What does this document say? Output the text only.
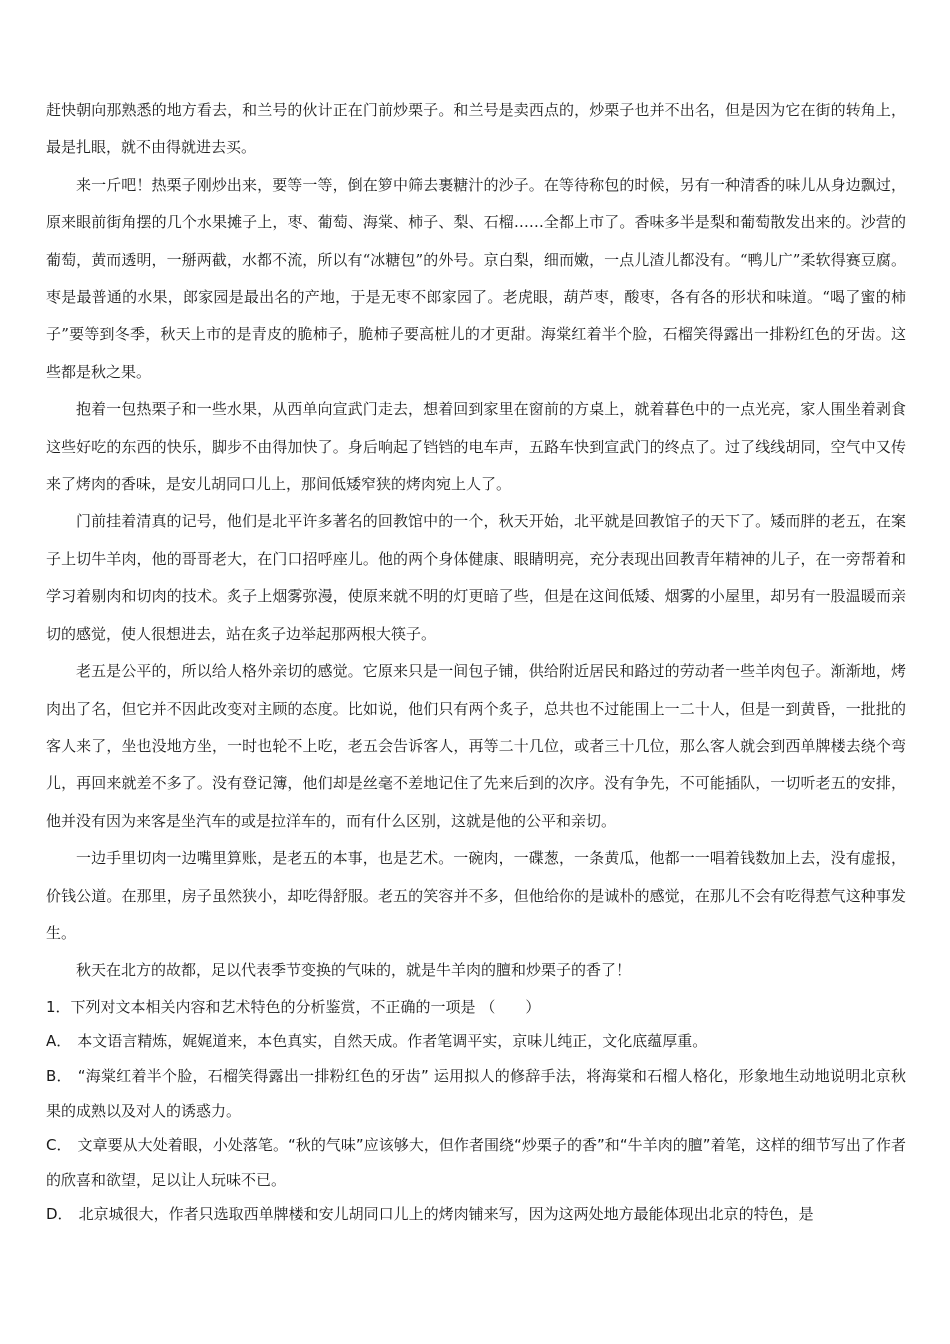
赶快朝向那熟悉的地方看去，和兰号的伙计正在门前炒栗子。和兰号是卖西点的，炒栗子也并不出名，但是因为它在街的转角上，最是扎眼，就不由得就进去买。

来一斤吧！热栗子刚炒出来，要等一等，倒在箩中筛去裹糖汁的沙子。在等待称包的时候，另有一种清香的味儿从身边飘过，原来眼前街角摆的几个水果摊子上，枣、葡萄、海棠、柿子、梨、石榴……全都上市了。香味多半是梨和葡萄散发出来的。沙营的葡萄，黄而透明，一掰两截，水都不流，所以有“冰糖包”的外号。京白梨，细而嫩，一点儿渣儿都没有。“鸭儿广”柔软得赛豆腐。枣是最普通的水果，郎家园是最出名的产地，于是无枣不郎家园了。老虎眼，葫芦枣，酸枣，各有各的形状和味道。“喝了蜜的柿子”要等到冬季，秋天上市的是青皮的脆柿子，脆柿子要高桩儿的才更甜。海棠红着半个脸，石榴笑得露出一排粉红色的牙齿。这些都是秋之果。

抱着一包热栗子和一些水果，从西单向宣武门走去，想着回到家里在窗前的方桌上，就着暮色中的一点光亮，家人围坐着剥食这些好吃的东西的快乐，脚步不由得加快了。身后响起了铛铛的电车声，五路车快到宣武门的终点了。过了线线胡同，空气中又传来了烤肉的香味，是安儿胡同口儿上，那间低矮窄狭的烤肉宛上人了。

门前挂着清真的记号，他们是北平许多著名的回教馆中的一个，秋天开始，北平就是回教馆子的天下了。矮而胖的老五，在案子上切牛羊肉，他的哥哥老大，在门口招呼座儿。他的两个身体健康、眼睛明亮，充分表现出回教青年精神的儿子，在一旁帮着和学习着剔肉和切肉的技术。炙子上烟雾弥漫，使原来就不明的灯更暗了些，但是在这间低矮、烟雾的小屋里，却另有一股温暖而亲切的感觉，使人很想进去，站在炙子边举起那两根大筷子。

老五是公平的，所以给人格外亲切的感觉。它原来只是一间包子铺，供给附近居民和路过的劳动者一些羊肉包子。渐渐地，烤肉出了名，但它并不因此改变对主顾的态度。比如说，他们只有两个炙子，总共也不过能围上一二十人，但是一到黄昏，一批批的客人来了，坐也没地方坐，一时也轮不上吃，老五会告诉客人，再等二十几位，或者三十几位，那么客人就会到西单牌楼去绕个弯儿，再回来就差不多了。没有登记簿，他们却是丝毫不差地记住了先来后到的次序。没有争先，不可能插队，一切听老五的安排，他并没有因为来客是坐汽车的或是拉洋车的，而有什么区别，这就是他的公平和亲切。

一边手里切肉一边嘴里算账，是老五的本事，也是艺术。一碗肉，一碟葱，一条黄瓜，他都一一唱着钱数加上去，没有虚报，价钱公道。在那里，房子虽然狭小，却吃得舒服。老五的笑容并不多，但他给你的是诚朴的感觉，在那儿不会有吃得惹气这种事发生。

秋天在北方的故都，足以代表季节变换的气味的，就是牛羊肉的膻和炒栗子的香了！

1．下列对文本相关内容和艺术特色的分析鉴赏，不正确的一项是 （　　）

A． 本文语言精炼，娓娓道来，本色真实，自然天成。作者笔调平实，京味儿纯正，文化底蕴厚重。

B． “海棠红着半个脸，石榴笑得露出一排粉红色的牙齿” 运用拟人的修辞手法，将海棠和石榴人格化，形象地生动地说明北京秋果的成熟以及对人的诱惑力。

C． 文章要从大处着眼，小处落笔。“秋的气味”应该够大，但作者围绕“炒栗子的香”和“牛羊肉的膻”着笔，这样的细节写出了作者的欣喜和欲望，足以让人玩味不已。

D． 北京城很大，作者只选取西单牌楼和安儿胡同口儿上的烤肉铺来写，因为这两处地方最能体现出北京的特色，是
